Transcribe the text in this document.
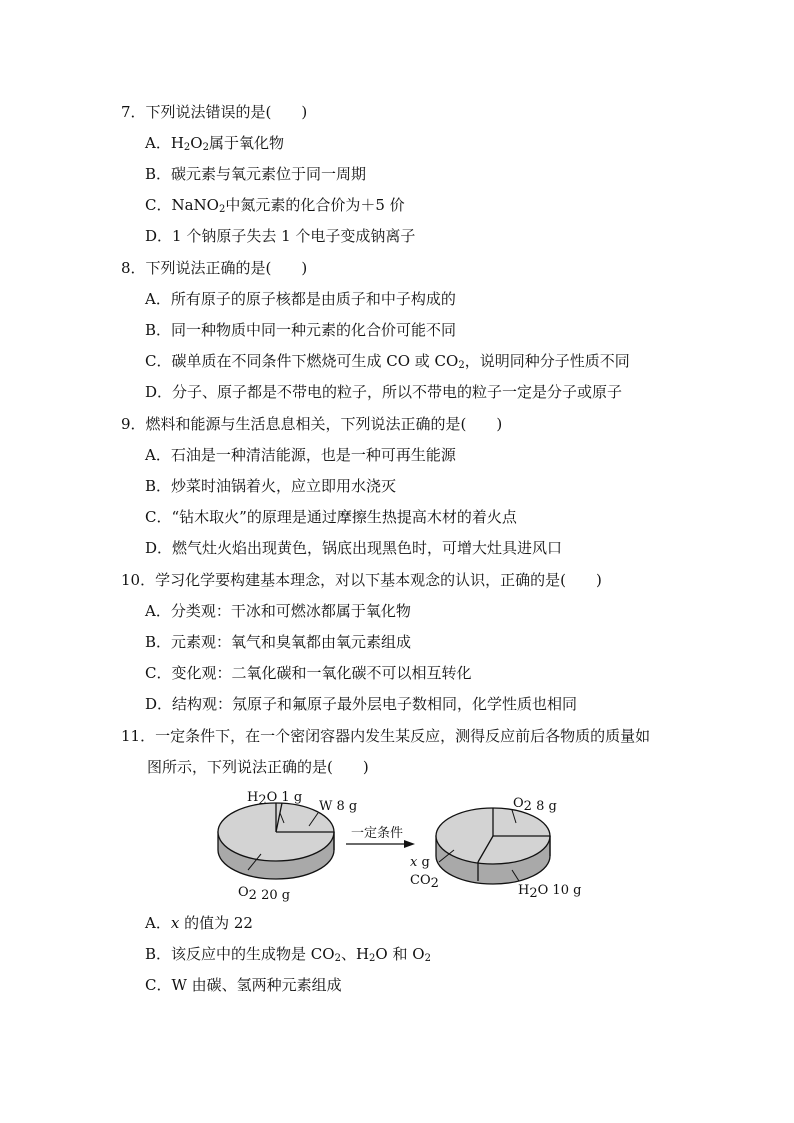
7．下列说法错误的是(　　)
A．$H_2O_2$属于氧化物
B．碳元素与氧元素位于同一周期
C．NaNO$_2$中氮元素的化合价为＋5 价
D．1 个钠原子失去 1 个电子变成钠离子
8．下列说法正确的是(　　)
A．所有原子的原子核都是由质子和中子构成的
B．同一种物质中同一种元素的化合价可能不同
C．碳单质在不同条件下燃烧可生成 CO 或 $CO_2$，说明同种分子性质不同
D．分子、原子都是不带电的粒子，所以不带电的粒子一定是分子或原子
9．燃料和能源与生活息息相关，下列说法正确的是(　　)
A．石油是一种清洁能源，也是一种可再生能源
B．炒菜时油锅着火，应立即用水浇灭
C．“钻木取火”的原理是通过摩擦生热提高木材的着火点
D．燃气灶火焰出现黄色，锅底出现黑色时，可增大灶具进风口
10．学习化学要构建基本理念，对以下基本观念的认识，正确的是(　　)
A．分类观：干冰和可燃冰都属于氧化物
B．元素观：氧气和臭氧都由氧元素组成
C．变化观：二氧化碳和一氧化碳不可以相互转化
D．结构观：氖原子和氟原子最外层电子数相同，化学性质也相同
11．一定条件下，在一个密闭容器内发生某反应，测得反应前后各物质的质量如
图所示，下列说法正确的是(　　)
H2O 1 g
W 8 g
O2 20 g
一定条件
O2 8 g
x g
CO2	H2O 10 g
A．x 的值为 22
B．该反应中的生成物是 $CO_2$、$H_2O$ 和 $O_2$
C．W 由碳、氢两种元素组成
